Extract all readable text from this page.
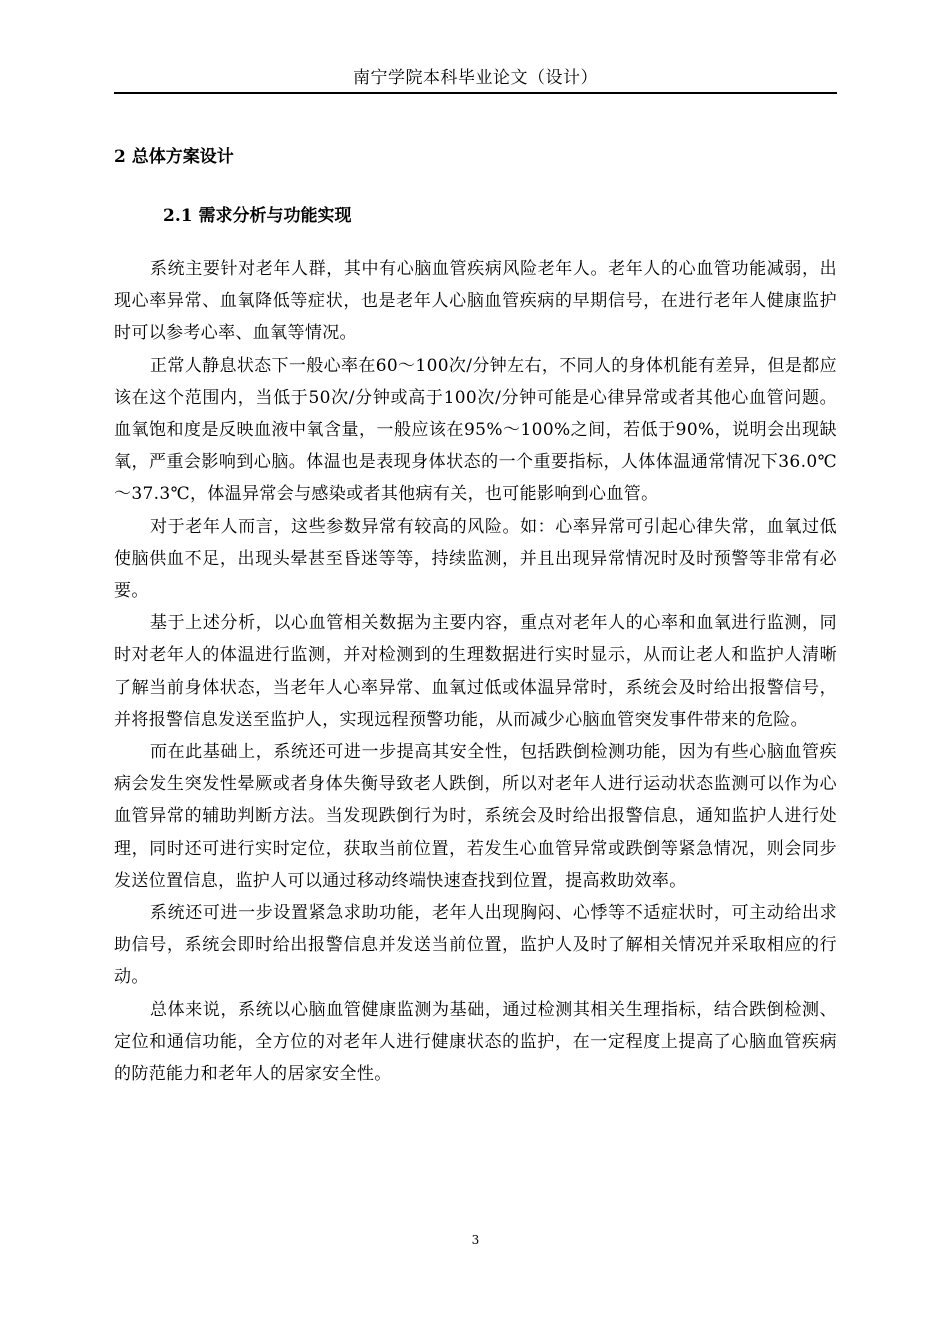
南宁学院本科毕业论文（设计）
2 总体方案设计
2.1 需求分析与功能实现

系统主要针对老年人群，其中有心脑血管疾病风险老年人。老年人的心血管功能减弱，出现心率异常、血氧降低等症状，也是老年人心脑血管疾病的早期信号，在进行老年人健康监护时可以参考心率、血氧等情况。

正常人静息状态下一般心率在60～100次/分钟左右，不同人的身体机能有差异，但是都应该在这个范围内，当低于50次/分钟或高于100次/分钟可能是心律异常或者其他心血管问题。血氧饱和度是反映血液中氧含量，一般应该在95%～100%之间，若低于90%，说明会出现缺氧，严重会影响到心脑。体温也是表现身体状态的一个重要指标，人体体温通常情况下36.0℃～37.3℃，体温异常会与感染或者其他病有关，也可能影响到心血管。

对于老年人而言，这些参数异常有较高的风险。如：心率异常可引起心律失常，血氧过低使脑供血不足，出现头晕甚至昏迷等等，持续监测，并且出现异常情况时及时预警等非常有必要。

基于上述分析，以心血管相关数据为主要内容，重点对老年人的心率和血氧进行监测，同时对老年人的体温进行监测，并对检测到的生理数据进行实时显示，从而让老人和监护人清晰了解当前身体状态，当老年人心率异常、血氧过低或体温异常时，系统会及时给出报警信号，并将报警信息发送至监护人，实现远程预警功能，从而减少心脑血管突发事件带来的危险。

而在此基础上，系统还可进一步提高其安全性，包括跌倒检测功能，因为有些心脑血管疾病会发生突发性晕厥或者身体失衡导致老人跌倒，所以对老年人进行运动状态监测可以作为心血管异常的辅助判断方法。当发现跌倒行为时，系统会及时给出报警信息，通知监护人进行处理，同时还可进行实时定位，获取当前位置，若发生心血管异常或跌倒等紧急情况，则会同步发送位置信息，监护人可以通过移动终端快速查找到位置，提高救助效率。

系统还可进一步设置紧急求助功能，老年人出现胸闷、心悸等不适症状时，可主动给出求助信号，系统会即时给出报警信息并发送当前位置，监护人及时了解相关情况并采取相应的行动。

总体来说，系统以心脑血管健康监测为基础，通过检测其相关生理指标，结合跌倒检测、定位和通信功能，全方位的对老年人进行健康状态的监护，在一定程度上提高了心脑血管疾病的防范能力和老年人的居家安全性。

3
